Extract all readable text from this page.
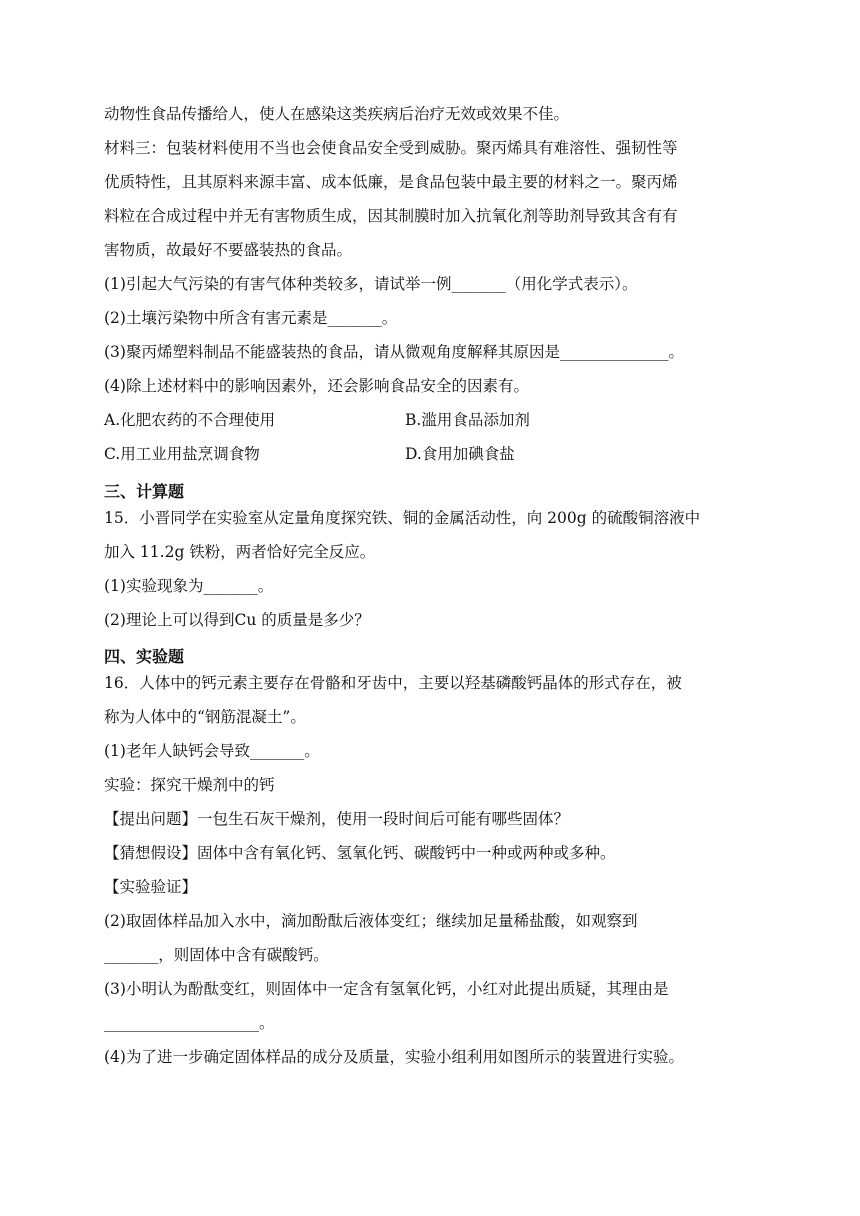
动物性食品传播给人，使人在感染这类疾病后治疗无效或效果不佳。
材料三：包装材料使用不当也会使食品安全受到威胁。聚丙烯具有难溶性、强韧性等
优质特性，且其原料来源丰富、成本低廉，是食品包装中最主要的材料之一。聚丙烯
料粒在合成过程中并无有害物质生成，因其制膜时加入抗氧化剂等助剂导致其含有有
害物质，故最好不要盛装热的食品。
(1)引起大气污染的有害气体种类较多，请试举一例_______（用化学式表示）。
(2)土壤污染物中所含有害元素是_______。
(3)聚丙烯塑料制品不能盛装热的食品，请从微观角度解释其原因是______________。
(4)除上述材料中的影响因素外，还会影响食品安全的因素有。
A.化肥农药的不合理使用	B.滥用食品添加剂
C.用工业用盐烹调食物	D.食用加碘食盐
三、计算题
15．小晋同学在实验室从定量角度探究铁、铜的金属活动性，向 200g 的硫酸铜溶液中
加入 11.2g 铁粉，两者恰好完全反应。
(1)实验现象为_______。
(2)理论上可以得到Cu 的质量是多少？
四、实验题
16．人体中的钙元素主要存在骨骼和牙齿中，主要以羟基磷酸钙晶体的形式存在，被
称为人体中的“钢筋混凝土”。
(1)老年人缺钙会导致_______。
实验：探究干燥剂中的钙
【提出问题】一包生石灰干燥剂，使用一段时间后可能有哪些固体？
【猜想假设】固体中含有氧化钙、氢氧化钙、碳酸钙中一种或两种或多种。
【实验验证】
(2)取固体样品加入水中，滴加酚酞后液体变红；继续加足量稀盐酸，如观察到
_______，则固体中含有碳酸钙。
(3)小明认为酚酞变红，则固体中一定含有氢氧化钙，小红对此提出质疑，其理由是
____________________。
(4)为了进一步确定固体样品的成分及质量，实验小组利用如图所示的装置进行实验。
